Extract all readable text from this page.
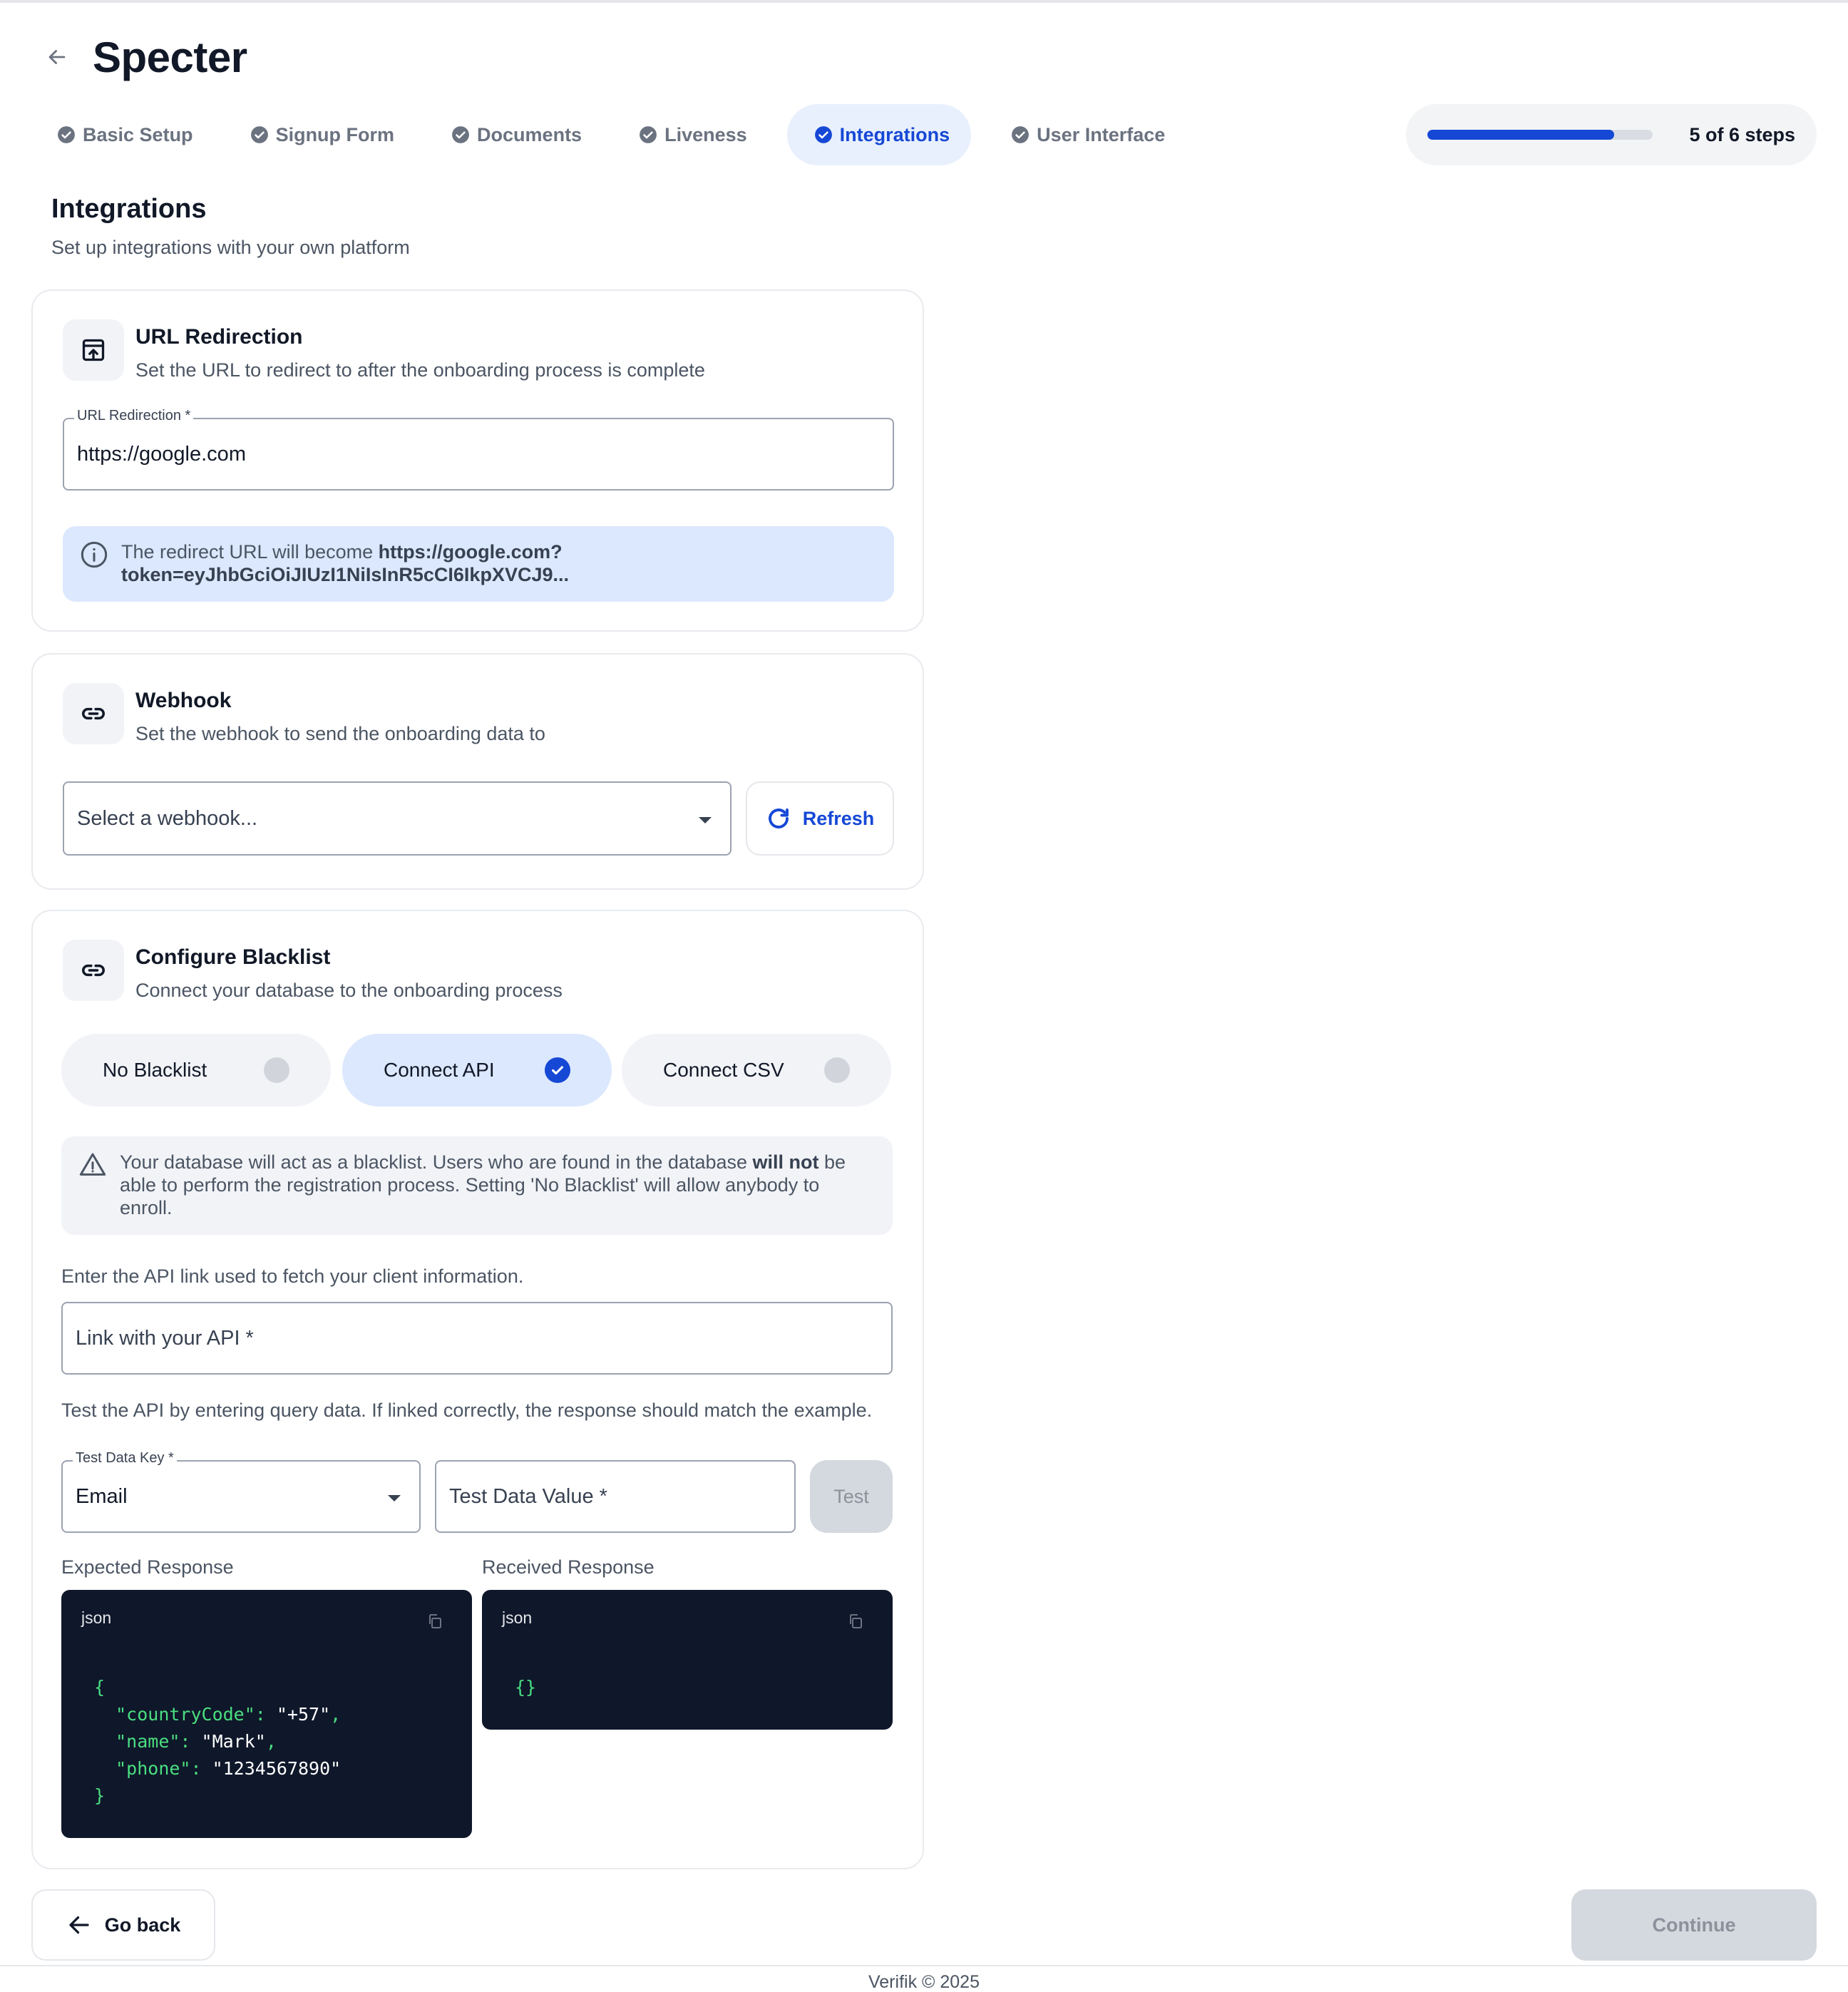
Specter
Basic Setup	Signup Form	Documents	Liveness	Integrations	User Interface	5 of 6 steps
Integrations
Set up integrations with your own platform
URL Redirection
Set the URL to redirect to after the onboarding process is complete
URL Redirection *
https://google.com
The redirect URL will become https://google.com?
token=eyJhbGciOiJIUzI1NiIsInR5cCI6IkpXVCJ9...
Webhook
Set the webhook to send the onboarding data to
Select a webhook...	Refresh
Configure Blacklist
Connect your database to the onboarding process
No Blacklist	Connect API	Connect CSV
Your database will act as a blacklist. Users who are found in the database will not be able to perform the registration process. Setting 'No Blacklist' will allow anybody to enroll.
Enter the API link used to fetch your client information.
Link with your API *
Test the API by entering query data. If linked correctly, the response should match the example.
Test Data Key *
Email	Test Data Value *	Test
Expected Response	Received Response
json
{
"countryCode": "+57",
"name": "Mark",
"phone": "1234567890"
}
json
{}
Go back	Continue
Verifik © 2025
